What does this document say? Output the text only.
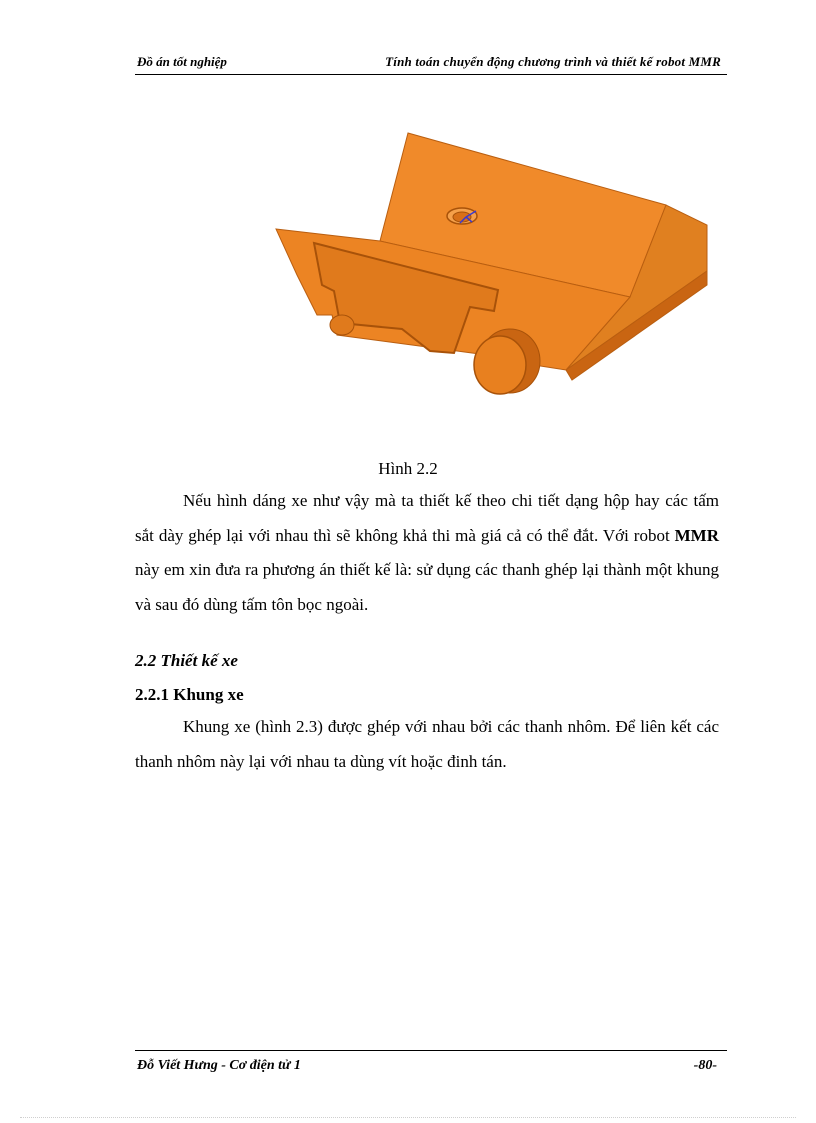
Đồ án tốt nghiệp	Tính toán chuyển động chương trình và thiết kế robot MMR
Hình 2.2
Nếu hình dáng xe như vậy mà ta thiết kế theo chi tiết dạng hộp hay các tấm sắt dày ghép lại với nhau thì sẽ không khả thi mà giá cả có thể đắt. Với robot MMR này em xin đưa ra phương án thiết kế là: sử dụng các thanh ghép lại thành một khung và sau đó dùng tấm tôn bọc ngoài.
2.2 Thiết kế xe
2.2.1 Khung xe
Khung xe (hình 2.3) được ghép với nhau bởi các thanh nhôm. Để liên kết các thanh nhôm này lại với nhau ta dùng vít hoặc đinh tán.
Đỗ Viết Hưng - Cơ điện tử 1	-80-
